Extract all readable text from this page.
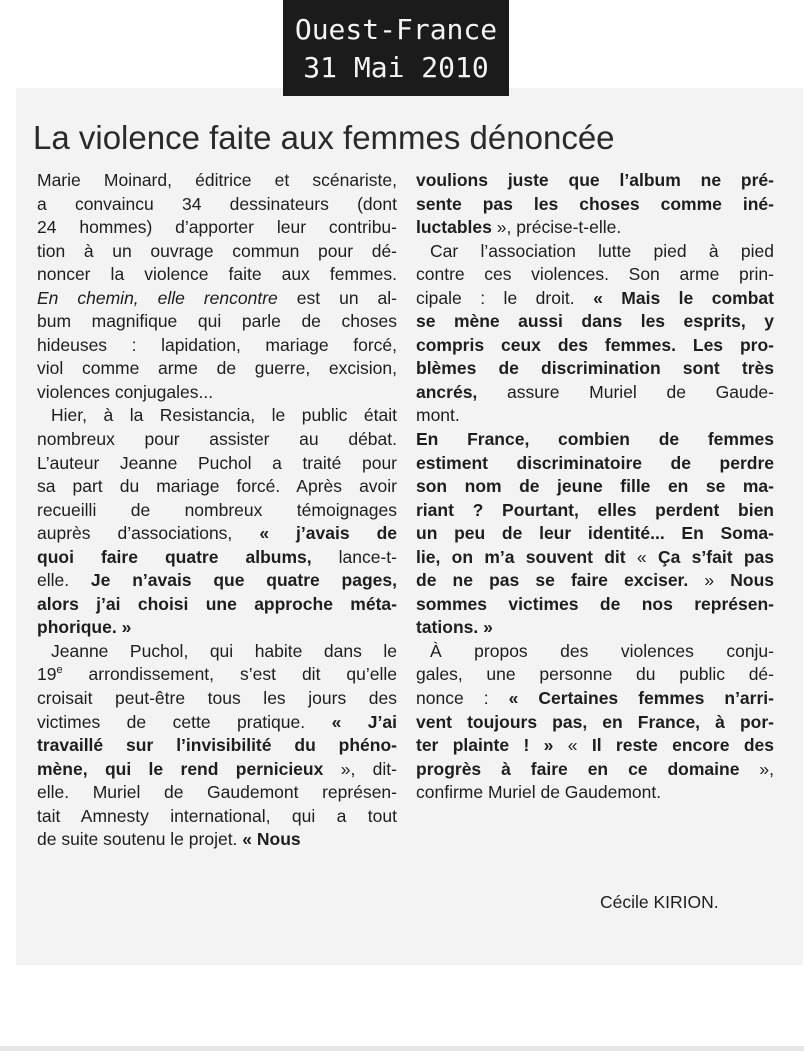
Ouest-France
31 Mai 2010
La violence faite aux femmes dénoncée
Marie Moinard, éditrice et scénariste,
a convaincu 34 dessinateurs (dont
24 hommes) d’apporter leur contribu-
tion à un ouvrage commun pour dé-
noncer la violence faite aux femmes.
En chemin, elle rencontre est un al-
bum magnifique qui parle de choses
hideuses : lapidation, mariage forcé,
viol comme arme de guerre, excision,
violences conjugales...
Hier, à la Resistancia, le public était
nombreux pour assister au débat.
L’auteur Jeanne Puchol a traité pour
sa part du mariage forcé. Après avoir
recueilli de nombreux témoignages
auprès d’associations, « j’avais de
quoi faire quatre albums, lance-t-
elle. Je n’avais que quatre pages,
alors j’ai choisi une approche méta-
phorique. »
Jeanne Puchol, qui habite dans le
19e arrondissement, s’est dit qu’elle
croisait peut-être tous les jours des
victimes de cette pratique. « J’ai
travaillé sur l’invisibilité du phéno-
mène, qui le rend pernicieux », dit-
elle. Muriel de Gaudemont représen-
tait Amnesty international, qui a tout
de suite soutenu le projet. « Nous
voulions juste que l’album ne pré-
sente pas les choses comme iné-
luctables », précise-t-elle.
Car l’association lutte pied à pied
contre ces violences. Son arme prin-
cipale : le droit. « Mais le combat
se mène aussi dans les esprits, y
compris ceux des femmes. Les pro-
blèmes de discrimination sont très
ancrés, assure Muriel de Gaude-
mont.
En France, combien de femmes
estiment discriminatoire de perdre
son nom de jeune fille en se ma-
riant ? Pourtant, elles perdent bien
un peu de leur identité... En Soma-
lie, on m’a souvent dit « Ça s’fait pas
de ne pas se faire exciser. » Nous
sommes victimes de nos représen-
tations. »
À propos des violences conju-
gales, une personne du public dé-
nonce : « Certaines femmes n’arri-
vent toujours pas, en France, à por-
ter plainte ! » « Il reste encore des
progrès à faire en ce domaine »,
confirme Muriel de Gaudemont.
Cécile KIRION.
